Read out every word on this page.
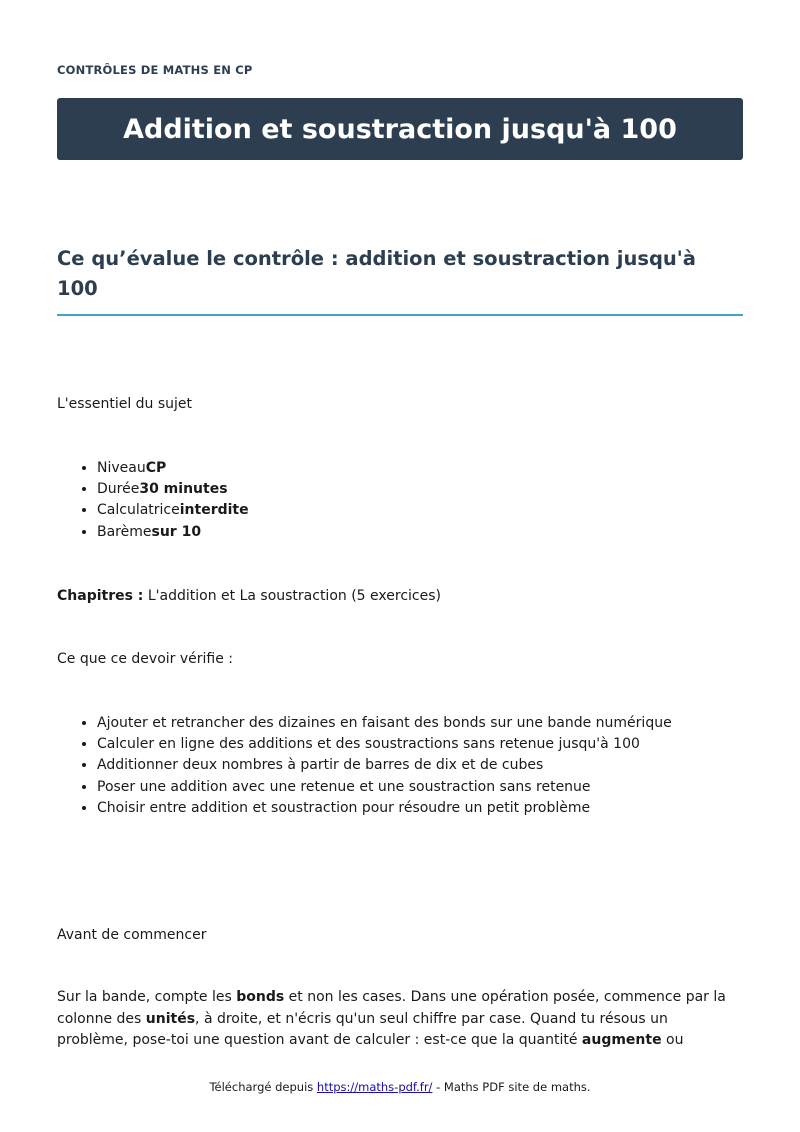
CONTRÔLES DE MATHS EN CP
Addition et soustraction jusqu'à 100
Ce qu’évalue le contrôle : addition et soustraction jusqu'à 100

L'essentiel du sujet

• NiveauCP
• Durée30 minutes
• Calculatriceinterdite
• Barèmesur 10

Chapitres : L'addition et La soustraction (5 exercices)

Ce que ce devoir vérifie :

• Ajouter et retrancher des dizaines en faisant des bonds sur une bande numérique
• Calculer en ligne des additions et des soustractions sans retenue jusqu'à 100
• Additionner deux nombres à partir de barres de dix et de cubes
• Poser une addition avec une retenue et une soustraction sans retenue
• Choisir entre addition et soustraction pour résoudre un petit problème

Avant de commencer

Sur la bande, compte les bonds et non les cases. Dans une opération posée, commence par la colonne des unités, à droite, et n'écris qu'un seul chiffre par case. Quand tu résous un problème, pose-toi une question avant de calculer : est-ce que la quantité augmente ou

Téléchargé depuis https://maths-pdf.fr/ - Maths PDF site de maths.
